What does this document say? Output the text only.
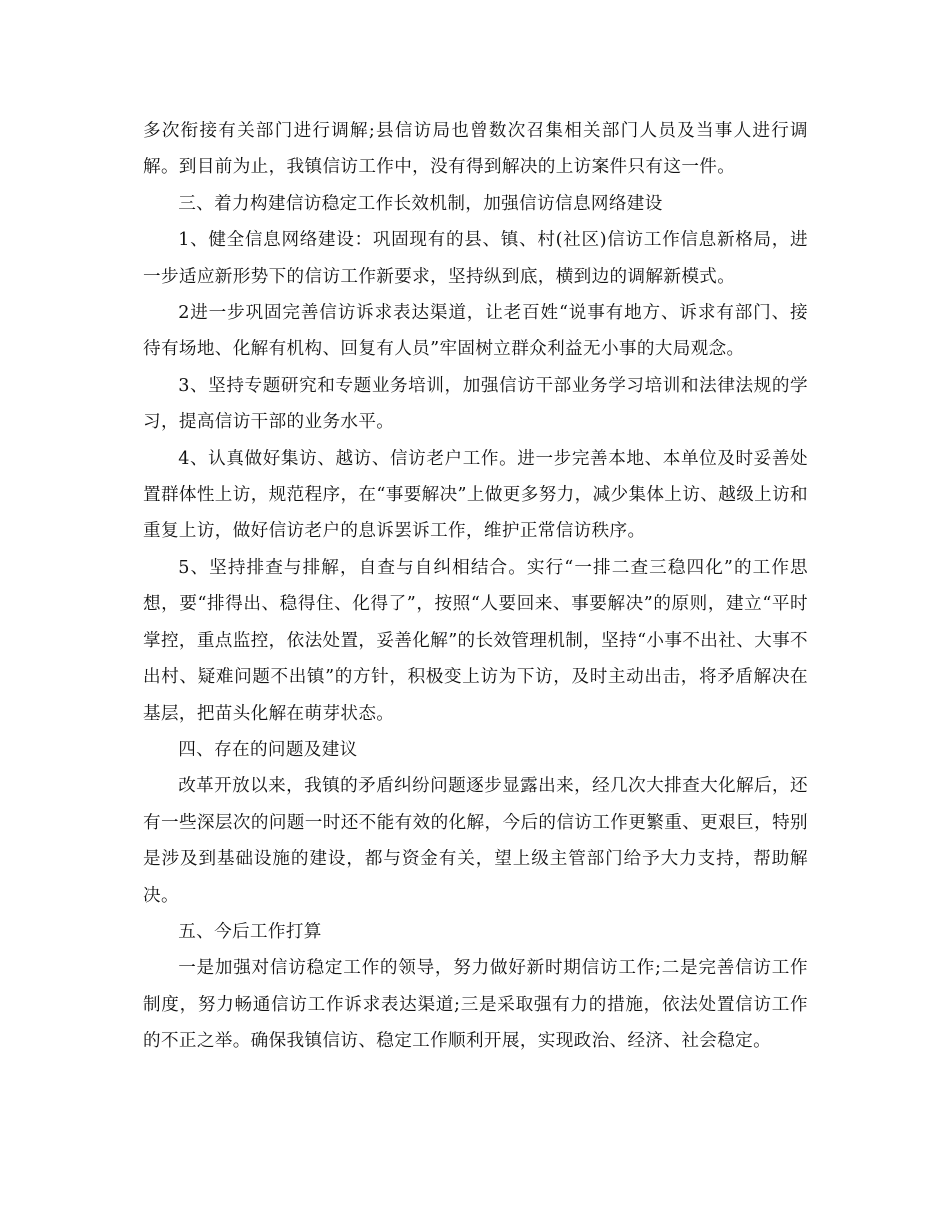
多次衔接有关部门进行调解;县信访局也曾数次召集相关部门人员及当事人进行调解。到目前为止，我镇信访工作中，没有得到解决的上访案件只有这一件。

三、着力构建信访稳定工作长效机制，加强信访信息网络建设

1、健全信息网络建设：巩固现有的县、镇、村(社区)信访工作信息新格局，进一步适应新形势下的信访工作新要求，坚持纵到底，横到边的调解新模式。

2进一步巩固完善信访诉求表达渠道，让老百姓“说事有地方、诉求有部门、接待有场地、化解有机构、回复有人员”牢固树立群众利益无小事的大局观念。

3、坚持专题研究和专题业务培训，加强信访干部业务学习培训和法律法规的学习，提高信访干部的业务水平。

4、认真做好集访、越访、信访老户工作。进一步完善本地、本单位及时妥善处置群体性上访，规范程序，在“事要解决”上做更多努力，减少集体上访、越级上访和重复上访，做好信访老户的息诉罢诉工作，维护正常信访秩序。

5、坚持排查与排解，自查与自纠相结合。实行“一排二查三稳四化”的工作思想，要“排得出、稳得住、化得了”，按照“人要回来、事要解决”的原则，建立“平时掌控，重点监控，依法处置，妥善化解”的长效管理机制，坚持“小事不出社、大事不出村、疑难问题不出镇”的方针，积极变上访为下访，及时主动出击，将矛盾解决在基层，把苗头化解在萌芽状态。

四、存在的问题及建议

改革开放以来，我镇的矛盾纠纷问题逐步显露出来，经几次大排查大化解后，还有一些深层次的问题一时还不能有效的化解，今后的信访工作更繁重、更艰巨，特别是涉及到基础设施的建设，都与资金有关，望上级主管部门给予大力支持，帮助解决。

五、今后工作打算

一是加强对信访稳定工作的领导，努力做好新时期信访工作;二是完善信访工作制度，努力畅通信访工作诉求表达渠道;三是采取强有力的措施，依法处置信访工作的不正之举。确保我镇信访、稳定工作顺利开展，实现政治、经济、社会稳定。
